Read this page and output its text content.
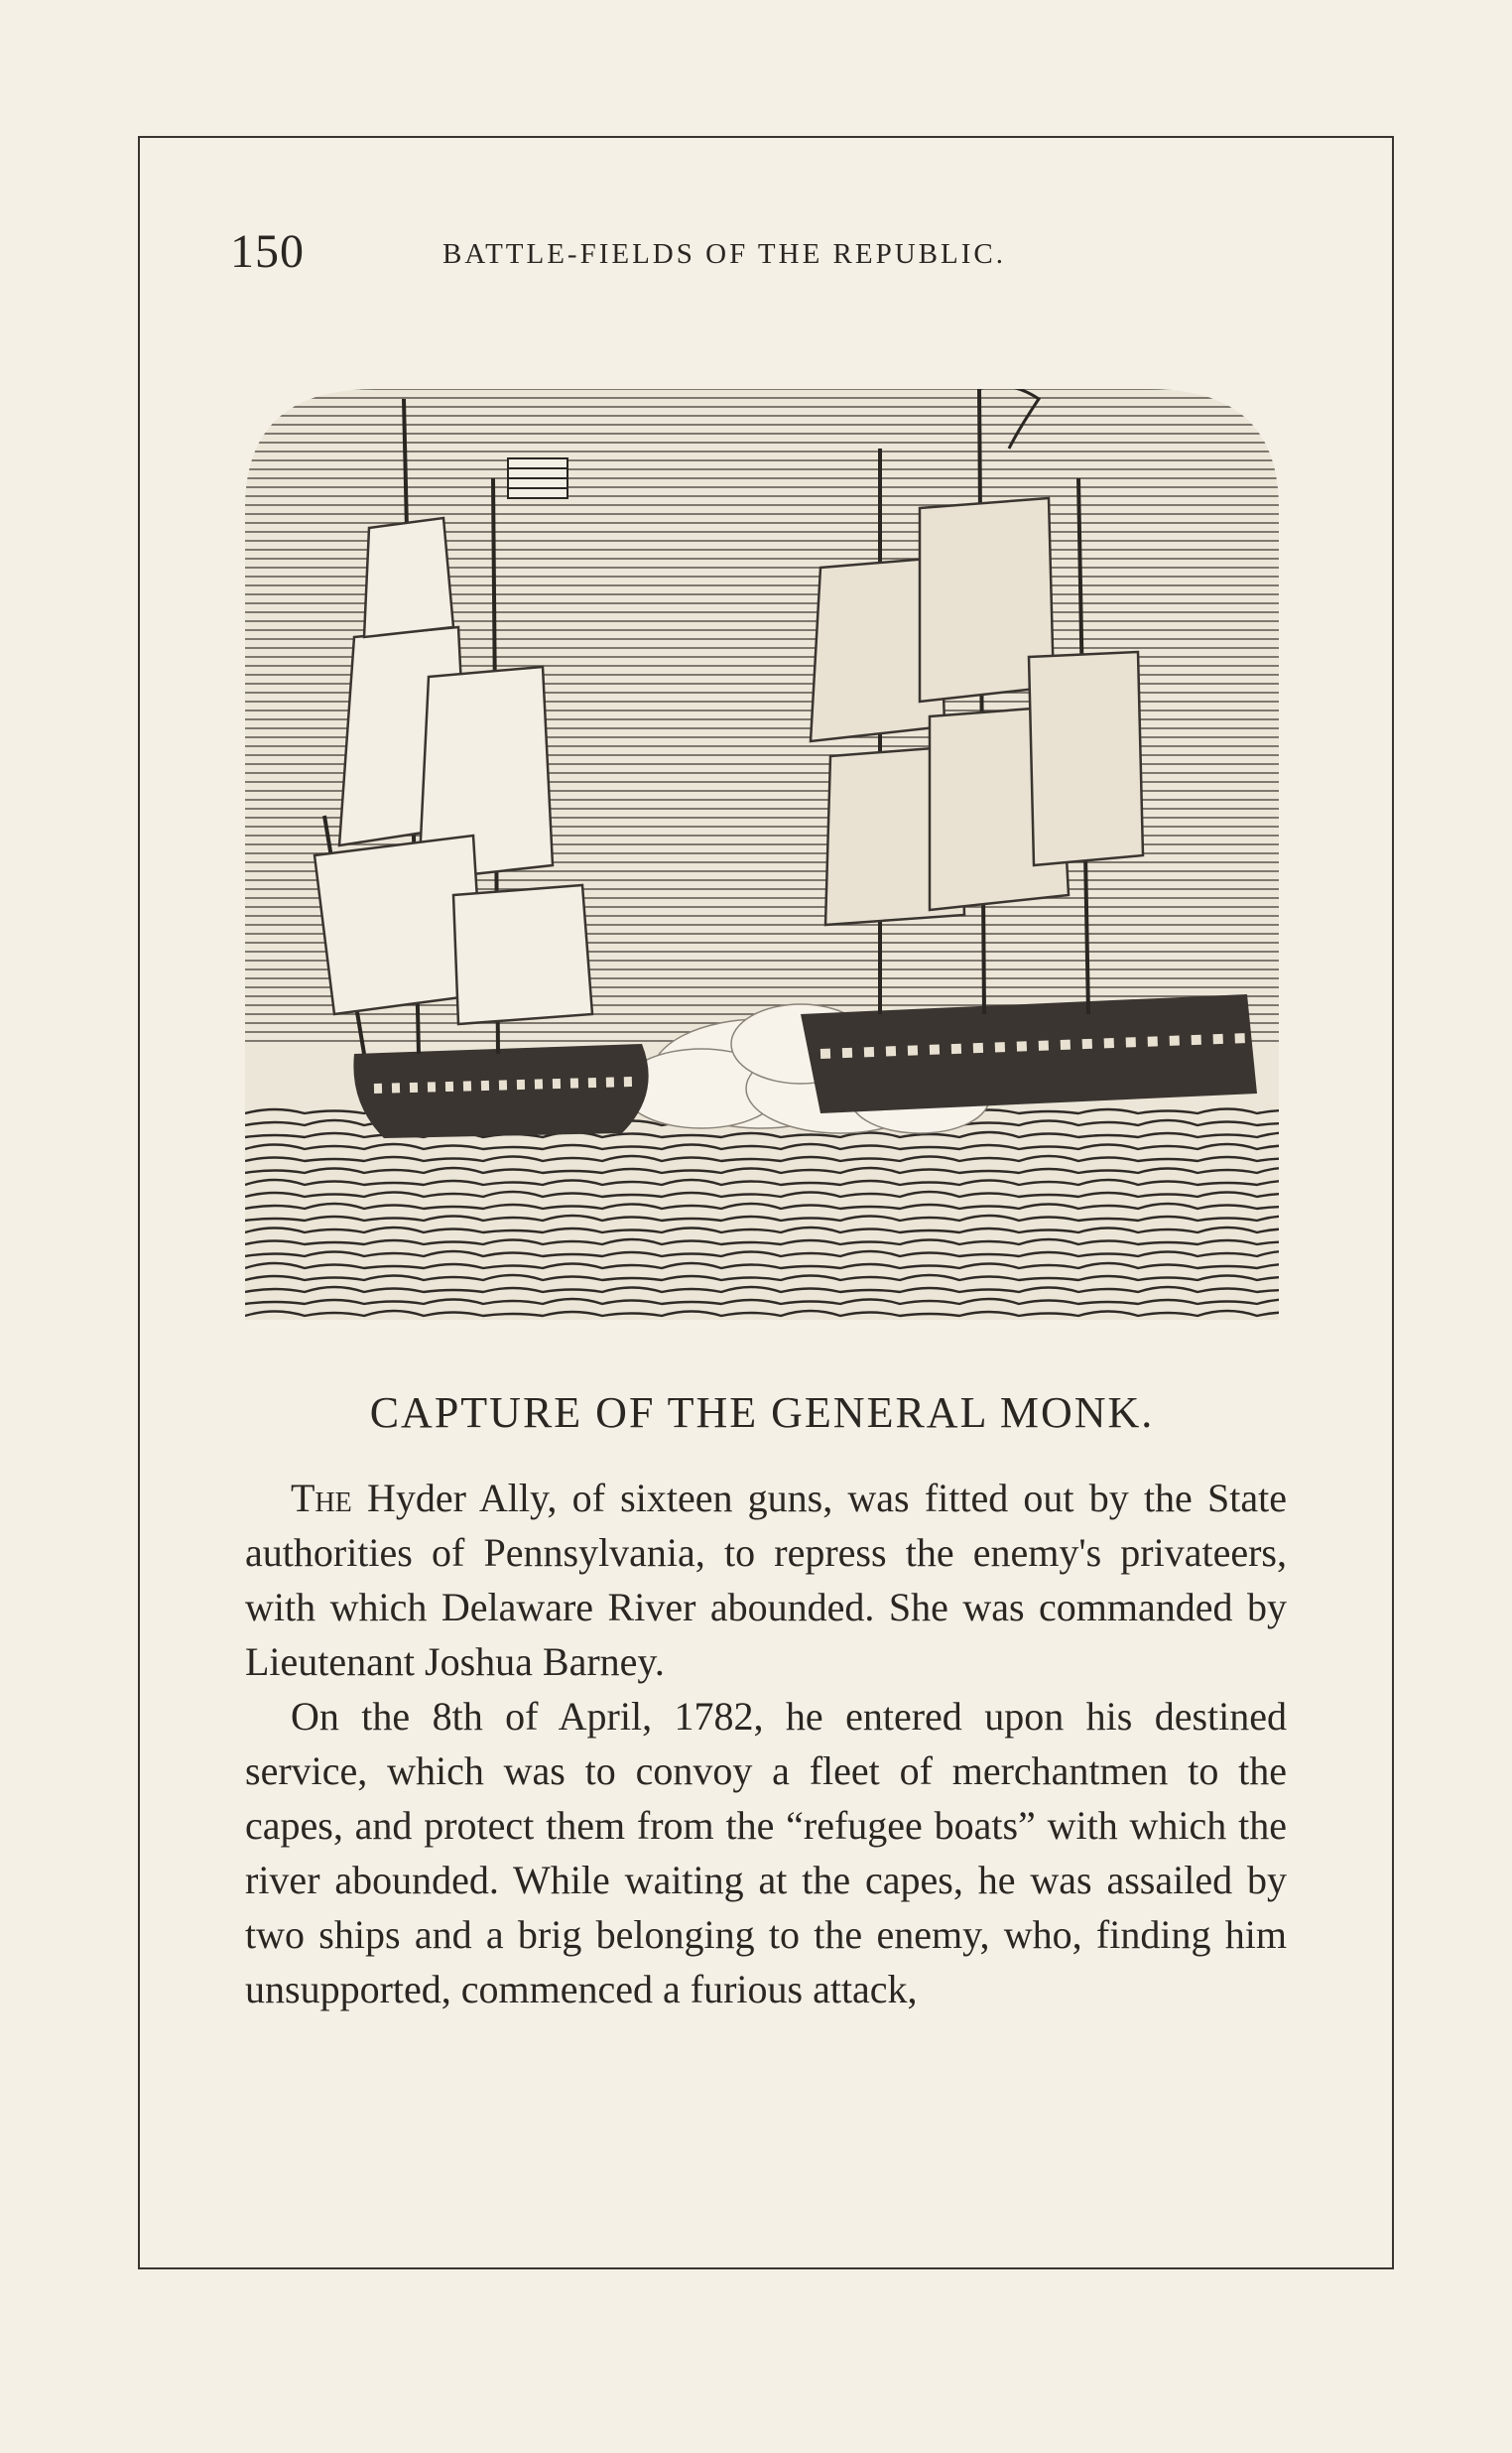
150	BATTLE-FIELDS OF THE REPUBLIC.
CAPTURE OF THE GENERAL MONK.

The Hyder Ally, of sixteen guns, was fitted out by the State authorities of Pennsylvania, to repress the enemy's privateers, with which Delaware River abounded. She was commanded by Lieutenant Joshua Barney.

On the 8th of April, 1782, he entered upon his destined service, which was to convoy a fleet of merchantmen to the capes, and protect them from the “refugee boats” with which the river abounded. While waiting at the capes, he was assailed by two ships and a brig belonging to the enemy, who, finding him unsupported, commenced a furious attack,
